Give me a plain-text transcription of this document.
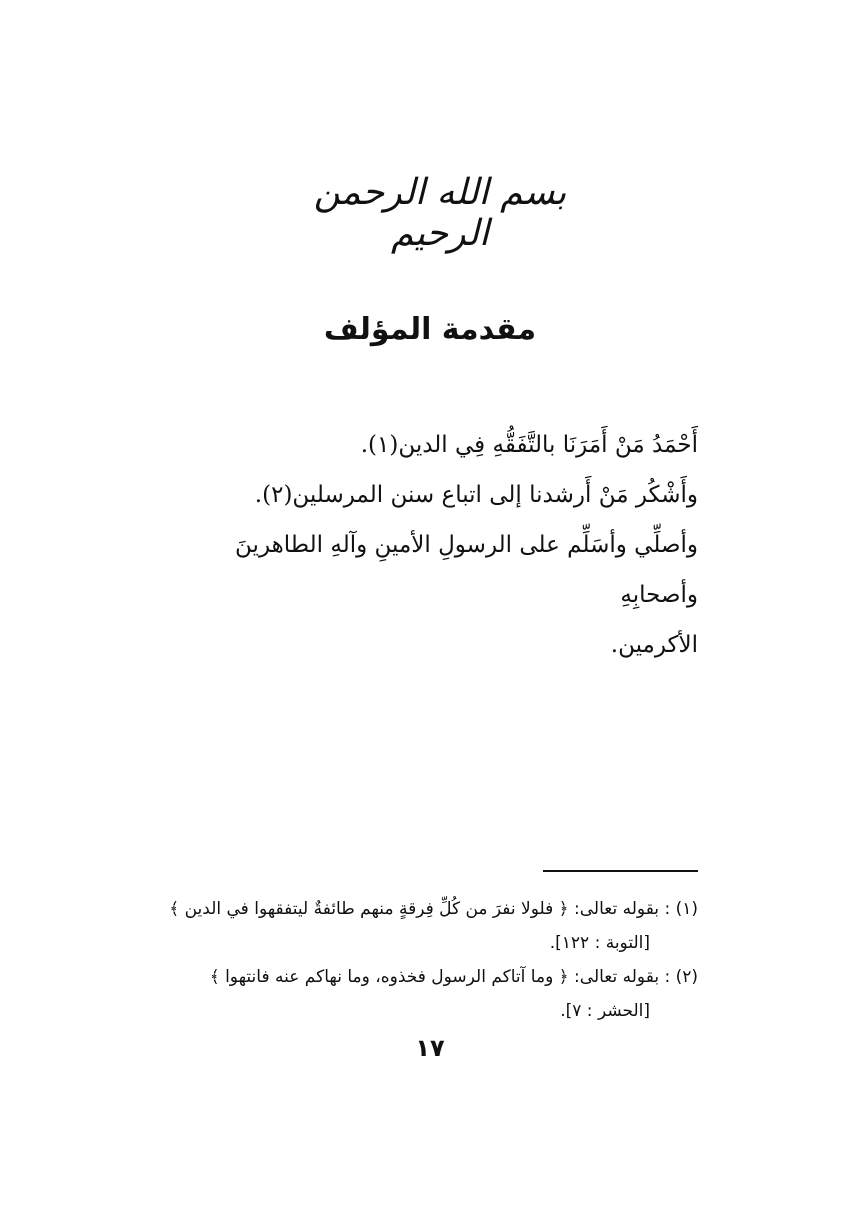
بسم الله الرحمن الرحيم
مقدمة المؤلف

أَحْمَدُ مَنْ أَمَرَنَا بالتَّفَقُّهِ فِي الدين(١).

وأَشْكُر مَنْ أَرشدنا إلى اتباع سنن المرسلين(٢).

وأصلِّي وأسَلِّم على الرسولِ الأمينِ وآلهِ الطاهرينَ وأصحابِهِ

الأكرمين.

(١) : بقوله تعالى: ﴿ فلولا نفرَ من كُلِّ فِرقةٍ منهم طائفةٌ ليتفقهوا في الدين ﴾
[التوبة : ١٢٢].
(٢) : بقوله تعالى: ﴿ وما آتاكم الرسول فخذوه، وما نهاكم عنه فانتهوا ﴾
[الحشر : ٧].
١٧
